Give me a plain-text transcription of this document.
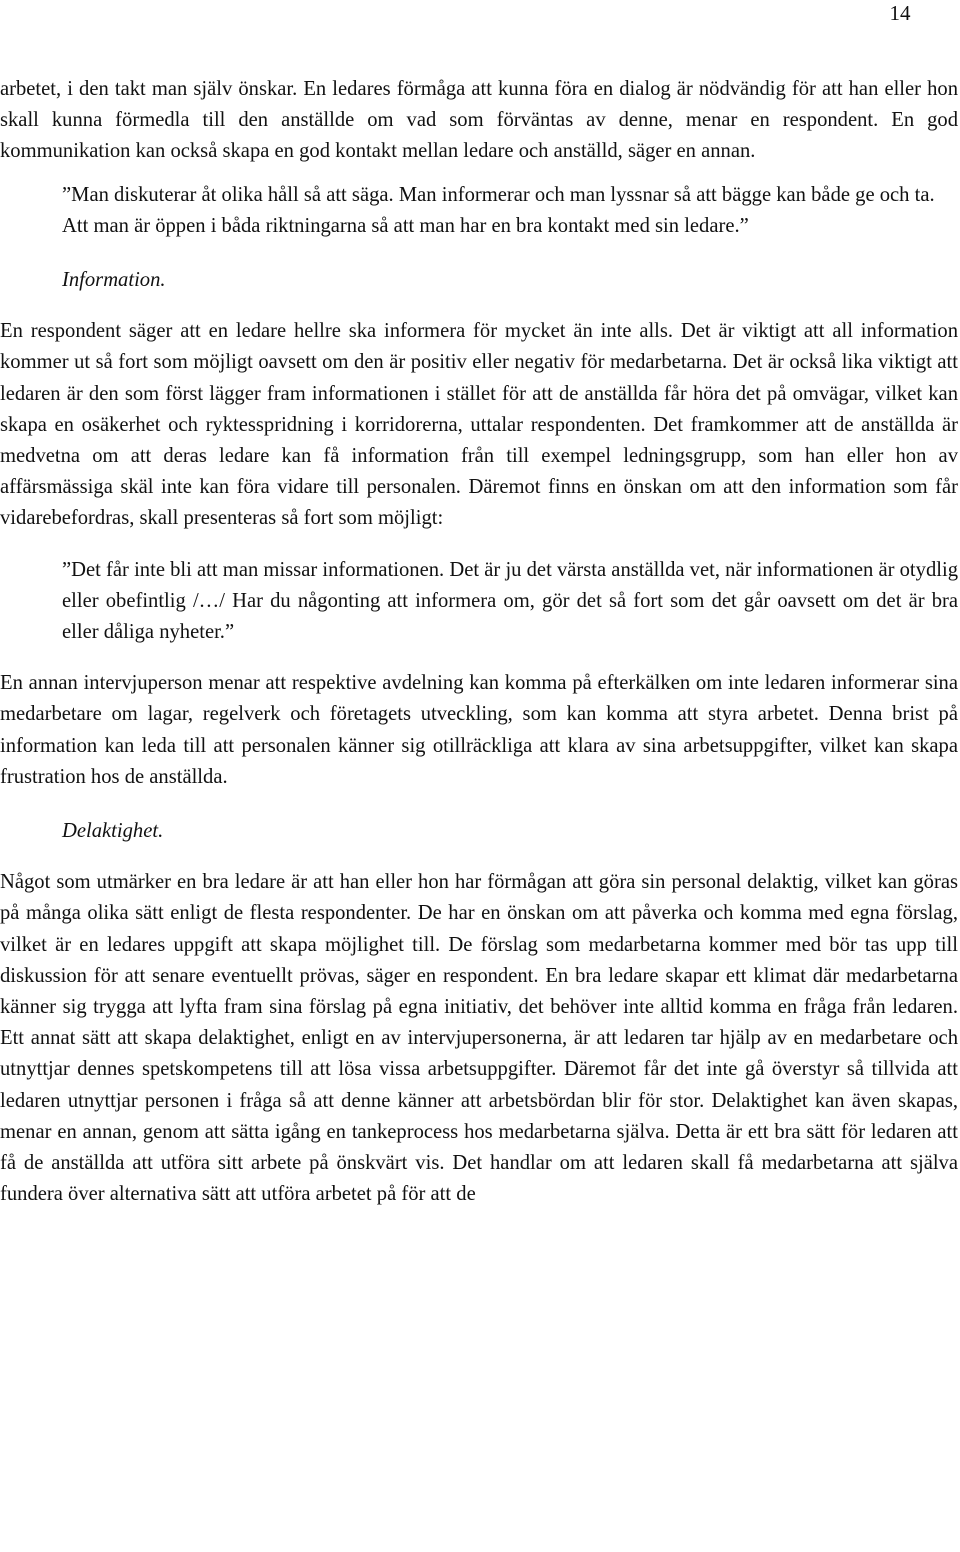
14

arbetet, i den takt man själv önskar. En ledares förmåga att kunna föra en dialog är nödvändig för att han eller hon skall kunna förmedla till den anställde om vad som förväntas av denne, menar en respondent. En god kommunikation kan också skapa en god kontakt mellan ledare och anställd, säger en annan.

”Man diskuterar åt olika håll så att säga. Man informerar och man lyssnar så att bägge kan både ge och ta. Att man är öppen i båda riktningarna så att man har en bra kontakt med sin ledare.”

Information.

En respondent säger att en ledare hellre ska informera för mycket än inte alls. Det är viktigt att all information kommer ut så fort som möjligt oavsett om den är positiv eller negativ för medarbetarna. Det är också lika viktigt att ledaren är den som först lägger fram informationen i stället för att de anställda får höra det på omvägar, vilket kan skapa en osäkerhet och ryktesspridning i korridorerna, uttalar respondenten. Det framkommer att de anställda är medvetna om att deras ledare kan få information från till exempel ledningsgrupp, som han eller hon av affärsmässiga skäl inte kan föra vidare till personalen. Däremot finns en önskan om att den information som får vidarebefordras, skall presenteras så fort som möjligt:

”Det får inte bli att man missar informationen. Det är ju det värsta anställda vet, när informationen är otydlig eller obefintlig /…/ Har du någonting att informera om, gör det så fort som det går oavsett om det är bra eller dåliga nyheter.”

En annan intervjuperson menar att respektive avdelning kan komma på efterkälken om inte ledaren informerar sina medarbetare om lagar, regelverk och företagets utveckling, som kan komma att styra arbetet. Denna brist på information kan leda till att personalen känner sig otillräckliga att klara av sina arbetsuppgifter, vilket kan skapa frustration hos de anställda.

Delaktighet.

Något som utmärker en bra ledare är att han eller hon har förmågan att göra sin personal delaktig, vilket kan göras på många olika sätt enligt de flesta respondenter. De har en önskan om att påverka och komma med egna förslag, vilket är en ledares uppgift att skapa möjlighet till. De förslag som medarbetarna kommer med bör tas upp till diskussion för att senare eventuellt prövas, säger en respondent. En bra ledare skapar ett klimat där medarbetarna känner sig trygga att lyfta fram sina förslag på egna initiativ, det behöver inte alltid komma en fråga från ledaren. Ett annat sätt att skapa delaktighet, enligt en av intervjupersonerna, är att ledaren tar hjälp av en medarbetare och utnyttjar dennes spetskompetens till att lösa vissa arbetsuppgifter. Däremot får det inte gå överstyr så tillvida att ledaren utnyttjar personen i fråga så att denne känner att arbetsbördan blir för stor. Delaktighet kan även skapas, menar en annan, genom att sätta igång en tankeprocess hos medarbetarna själva. Detta är ett bra sätt för ledaren att få de anställda att utföra sitt arbete på önskvärt vis. Det handlar om att ledaren skall få medarbetarna att själva fundera över alternativa sätt att utföra arbetet på för att de
